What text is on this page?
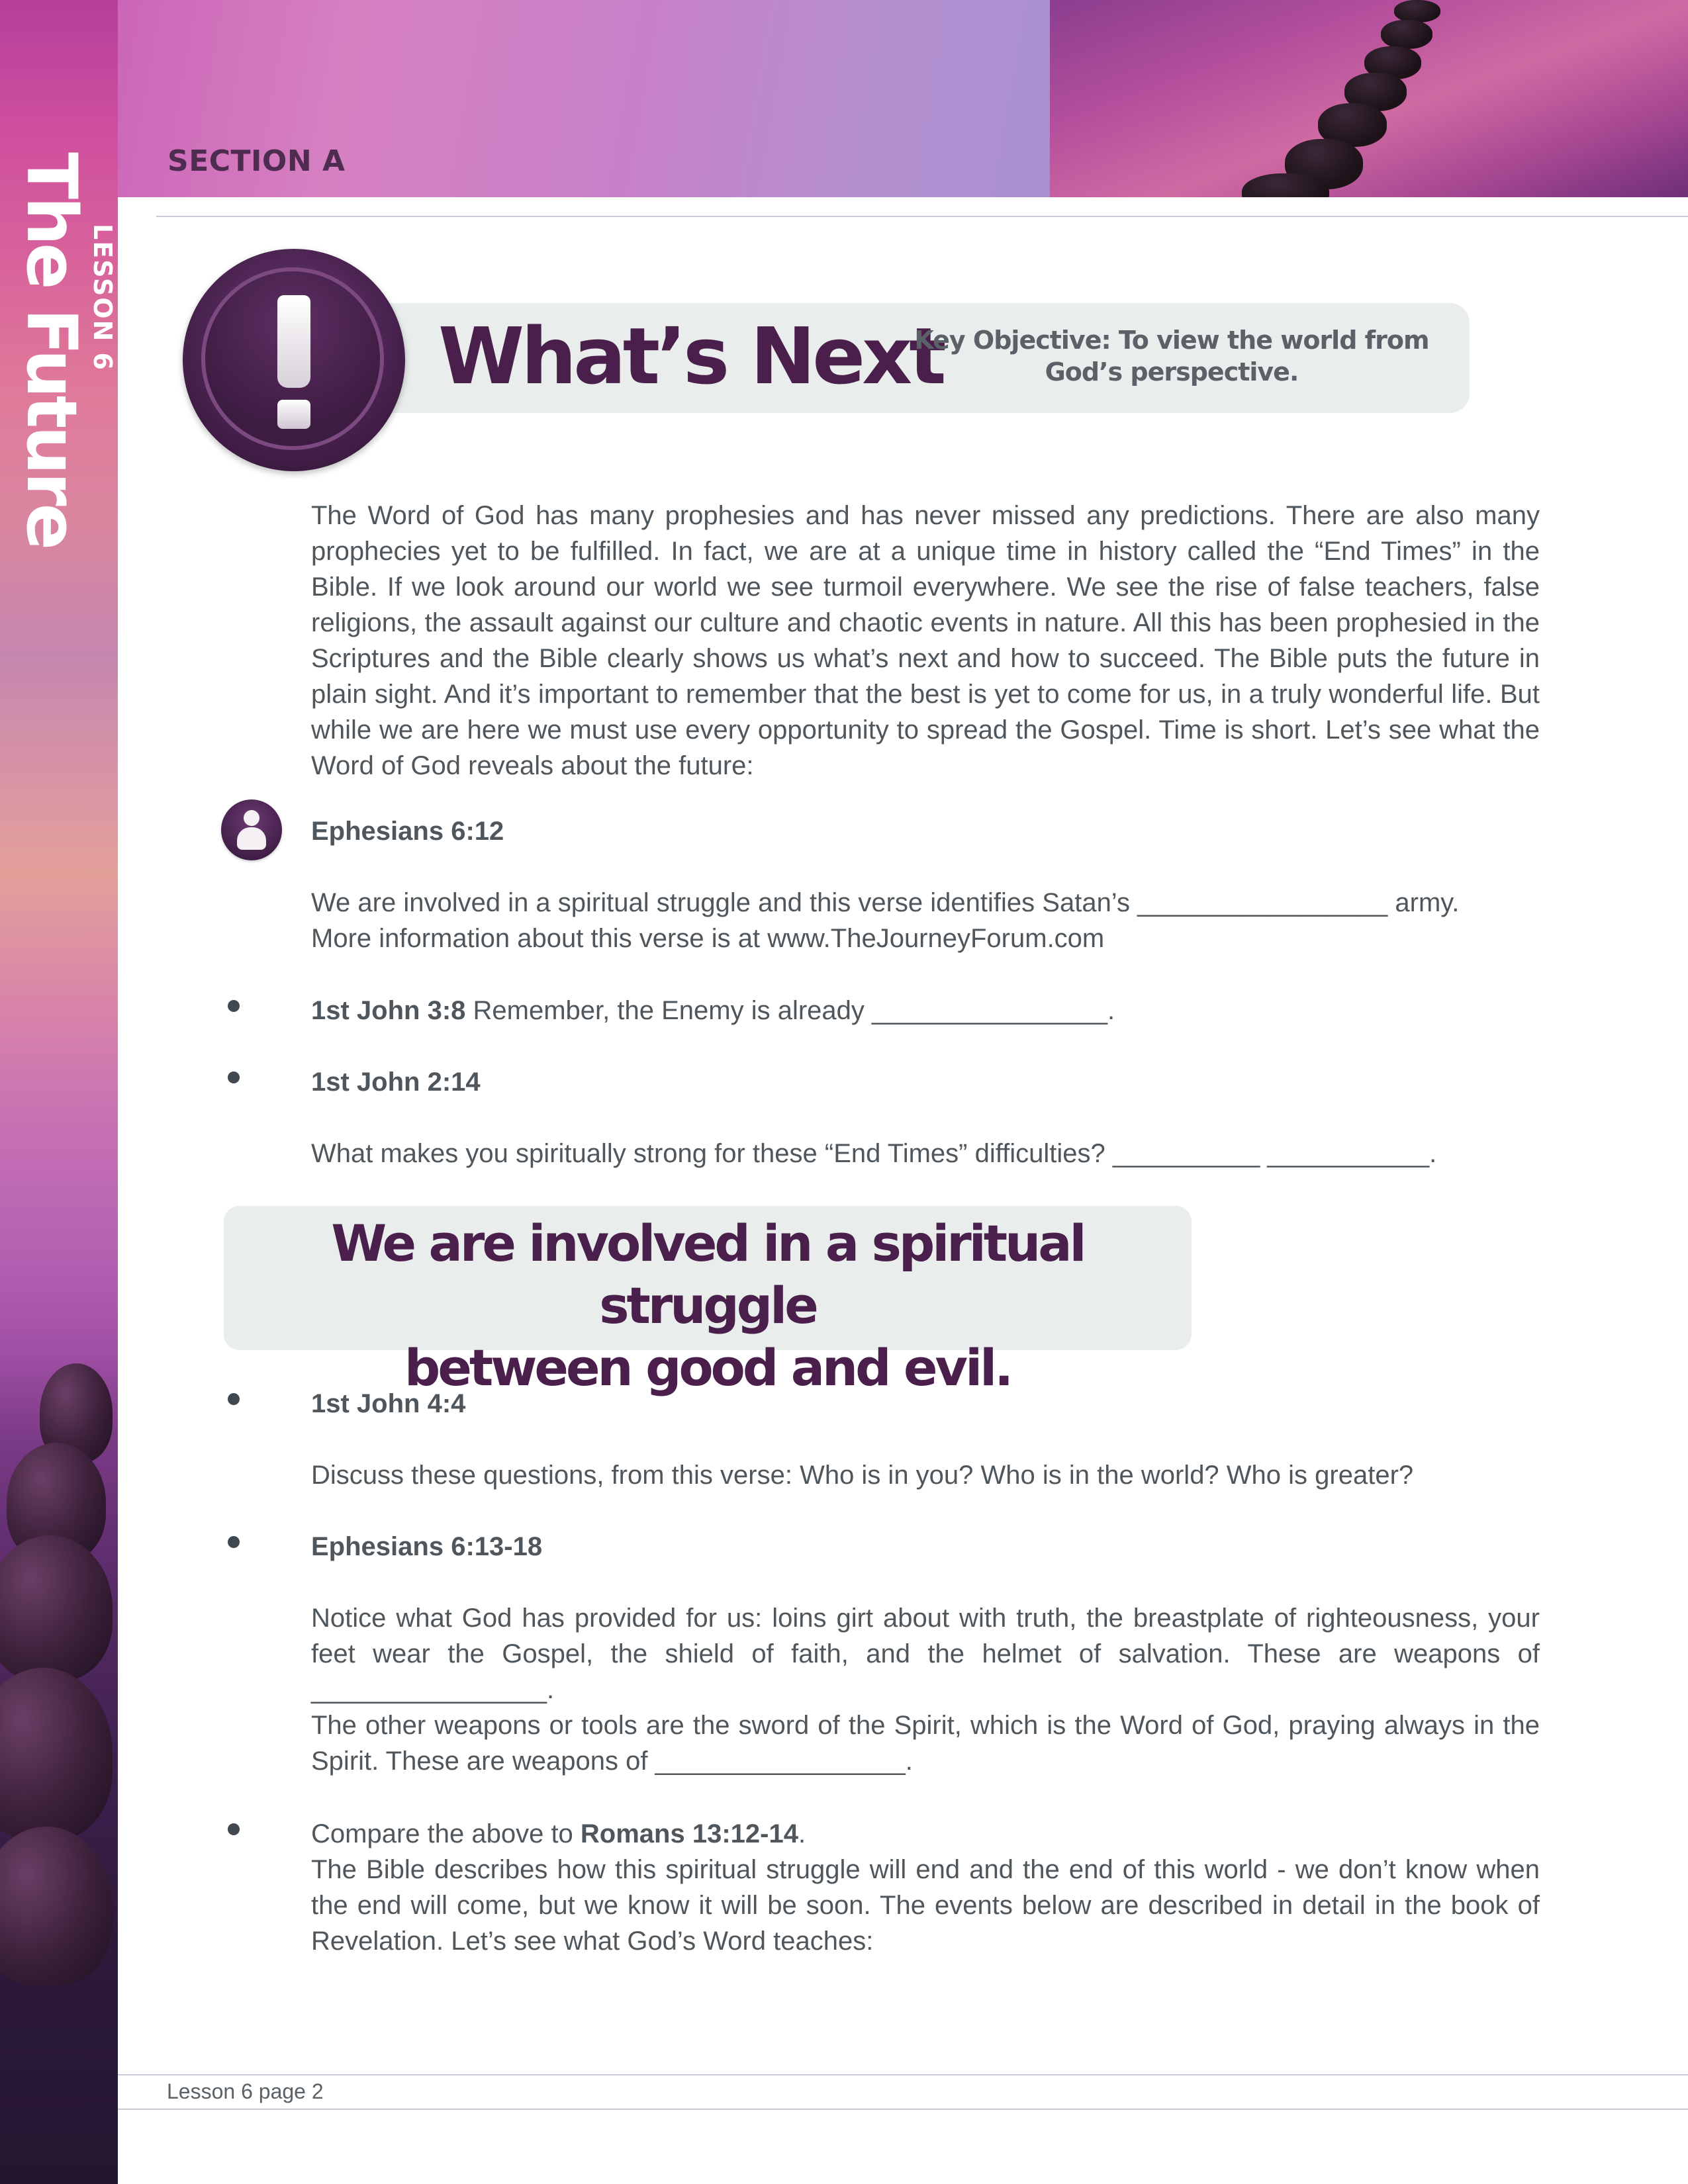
The Future
LESSON 6
SECTION A
What’s Next
Key Objective: To view the world from
God’s perspective.
The Word of God has many prophesies and has never missed any predictions. There are also many prophecies yet to be fulfilled. In fact, we are at a unique time in history called the “End Times” in the Bible. If we look around our world we see turmoil everywhere. We see the rise of false teachers, false religions, the assault against our culture and chaotic events in nature. All this has been prophesied in the Scriptures and the Bible clearly shows us what’s next and how to succeed. The Bible puts the future in plain sight. And it’s important to remember that the best is yet to come for us, in a truly wonderful life. But while we are here we must use every opportunity to spread the Gospel. Time is short. Let’s see what the Word of God reveals about the future:
Ephesians 6:12
We are involved in a spiritual struggle and this verse identifies Satan’s _________________ army.
More information about this verse is at www.TheJourneyForum.com
1st John 3:8 Remember, the Enemy is already ________________.
1st John 2:14
What makes you spiritually strong for these “End Times” difficulties? __________ ___________.
We are involved in a spiritual struggle
between good and evil.
1st John 4:4
Discuss these questions, from this verse: Who is in you? Who is in the world? Who is greater?
Ephesians 6:13-18
Notice what God has provided for us: loins girt about with truth, the breastplate of righteousness, your feet wear the Gospel, the shield of faith, and the helmet of salvation. These are weapons of ________________.
The other weapons or tools are the sword of the Spirit, which is the Word of God, praying always in the Spirit. These are weapons of _________________.
Compare the above to Romans 13:12-14.
The Bible describes how this spiritual struggle will end and the end of this world - we don’t know when the end will come, but we know it will be soon. The events below are described in detail in the book of Revelation. Let’s see what God’s Word teaches:
Lesson 6 page 2
